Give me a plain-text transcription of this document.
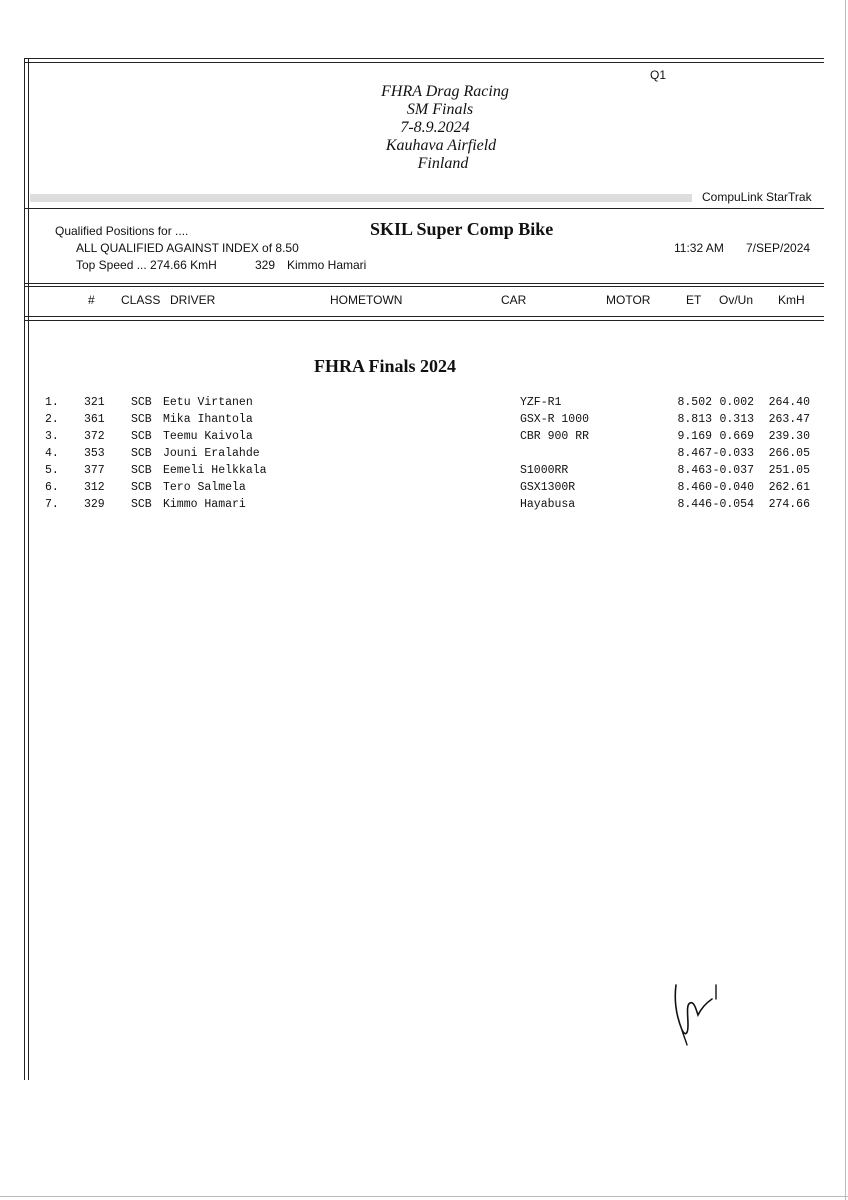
FHRA Drag Racing
SM Finals
7-8.9.2024
Kauhava Airfield
Finland
Q1
CompuLink StarTrak
Qualified Positions for ....	SKIL Super Comp Bike
ALL QUALIFIED AGAINST INDEX of 8.50	11:32 AM 7/SEP/2024
Top Speed ... 274.66 KmH	329 Kimmo Hamari
# CLASS DRIVER	HOMETOWN	CAR	MOTOR	ET Ov/Un KmH
FHRA Finals 2024
1. 321 SCB Eetu Virtanen	YZF-R1	8.502 0.002	264.40
2. 361 SCB Mika Ihantola	GSX-R 1000	8.813 0.313	263.47
3. 372 SCB Teemu Kaivola	CBR 900 RR	9.169 0.669	239.30
4. 353 SCB Jouni Eralahde	8.467 -0.033	266.05
5. 377 SCB Eemeli Helkkala	S1000RR	8.463 -0.037	251.05
6. 312 SCB Tero Salmela	GSX1300R	8.460 -0.040	262.61
7. 329 SCB Kimmo Hamari	Hayabusa	8.446 -0.054	274.66
